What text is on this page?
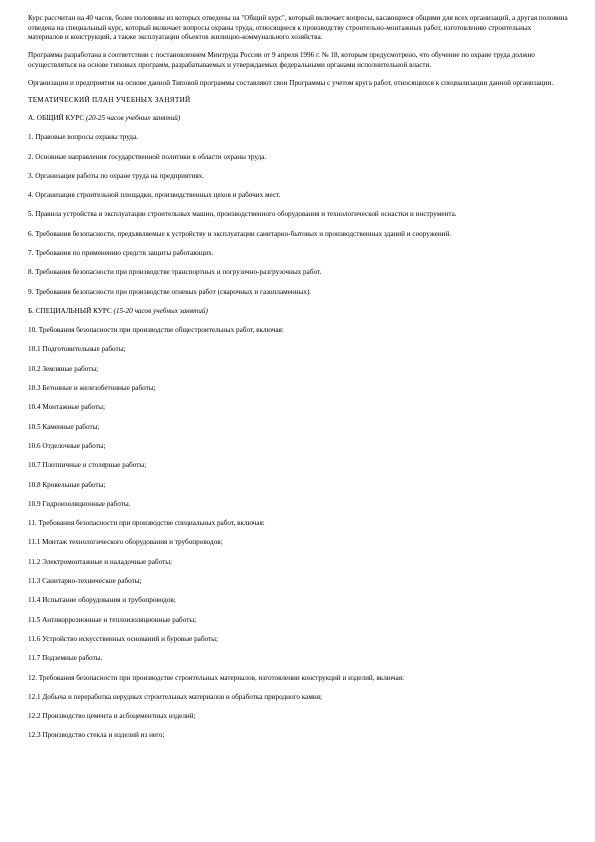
Курс рассчитан на 40 часов, более половины из которых отведены на "Общий курс", который включает вопросы, касающиеся общими для всех организаций, а другая половина отведена на специальный курс, который включает вопросы охраны труда, относящиеся к производству строительно-монтажных работ, изготовлению строительных материалов и конструкций, а также эксплуатации объектов жилищно-коммунального хозяйства.

Программа разработана в соответствии с постановлением Минтруда России от 9 апреля 1996 г. № 18, которым предусмотрено, что обучение по охране труда должно осуществляться на основе типовых программ, разрабатываемых и утверждаемых федеральными органами исполнительной власти.

Организации и предприятия на основе данной Типовой программы составляют свои Программы с учетом круга работ, относящихся к специализации данной организации.

ТЕМАТИЧЕСКИЙ ПЛАН УЧЕБНЫХ ЗАНЯТИЙ

А. ОБЩИЙ КУРС (20-25 часов учебных занятий)

1. Правовые вопросы охраны труда.

2. Основные направления государственной политики в области охраны труда.

3. Организация работы по охране труда на предприятиях.

4. Организация строительной площадки, производственных цехов и рабочих мест.

5. Правила устройства и эксплуатации строительных машин, производственного оборудования и технологической оснастки и инструмента.

6. Требования безопасности, предъявляемые к устройству и эксплуатации санитарно-бытовых и производственных зданий и сооружений.

7. Требования по применению средств защиты работающих.

8. Требования безопасности при производстве транспортных и погрузочно-разгрузочных работ.

9. Требования безопасности при производстве огневых работ (сварочных и газопламенных).

Б. СПЕЦИАЛЬНЫЙ КУРС (15-20 часов учебных занятий)

10. Требования безопасности при производстве общестроительных работ, включая:

10.1 Подготовительные работы;

10.2 Земляные работы;

10.3 Бетонные и железобетонные работы;

10.4 Монтажные работы;

10.5 Каменные работы;

10.6 Отделочные работы;

10.7 Плотничные и столярные работы;

10.8 Кровельные работы;

10.9 Гидроизоляционные работы.

11. Требования безопасности при производстве специальных работ, включая:

11.1 Монтаж технологического оборудования и трубопроводов;

11.2 Электромонтажные и наладочные работы;

11.3 Санитарно-технические работы;

11.4 Испытание оборудования и трубопроводов;

11.5 Антикоррозионные и теплоизоляционные работы;

11.6 Устройство искусственных оснований и буровые работы;

11.7 Подземные работы.

12. Требования безопасности при производстве строительных материалов, изготовлении конструкций и изделий, включая:

12.1 Добыча и переработка нерудных строительных материалов и обработка природного камня;

12.2 Производство цемента и асбоцементных изделий;

12.3 Производство стекла и изделий из него;
